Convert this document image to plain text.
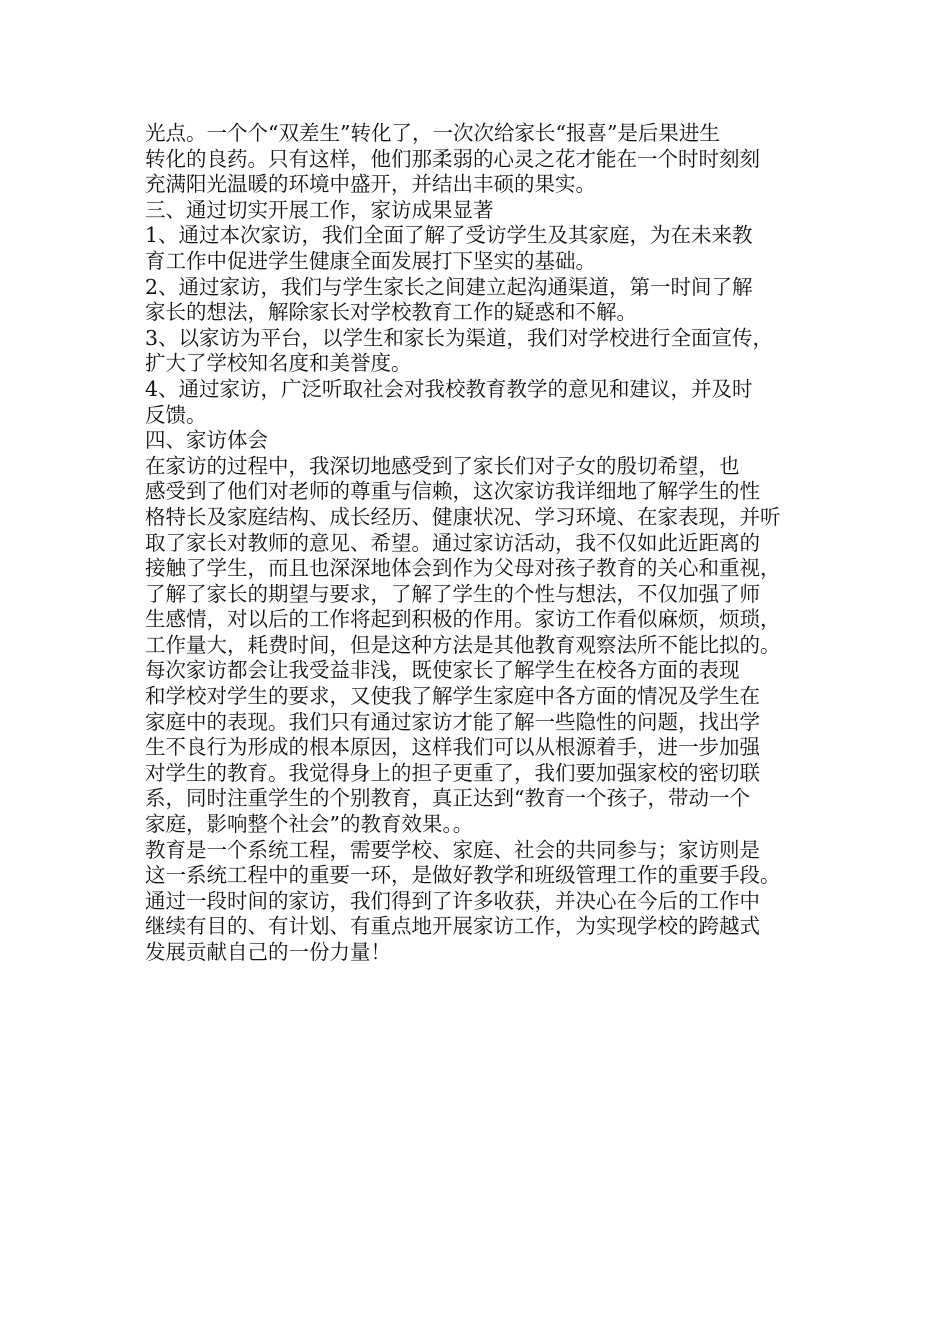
光点。一个个“双差生”转化了，一次次给家长“报喜”是后果进生
转化的良药。只有这样，他们那柔弱的心灵之花才能在一个时时刻刻
充满阳光温暖的环境中盛开，并结出丰硕的果实。
三、通过切实开展工作，家访成果显著
1、通过本次家访，我们全面了解了受访学生及其家庭，为在未来教
育工作中促进学生健康全面发展打下坚实的基础。
2、通过家访，我们与学生家长之间建立起沟通渠道，第一时间了解
家长的想法，解除家长对学校教育工作的疑惑和不解。
3、以家访为平台，以学生和家长为渠道，我们对学校进行全面宣传，
扩大了学校知名度和美誉度。
4、通过家访，广泛听取社会对我校教育教学的意见和建议，并及时
反馈。
四、家访体会
在家访的过程中，我深切地感受到了家长们对子女的殷切希望，也
感受到了他们对老师的尊重与信赖，这次家访我详细地了解学生的性
格特长及家庭结构、成长经历、健康状况、学习环境、在家表现，并听
取了家长对教师的意见、希望。通过家访活动，我不仅如此近距离的
接触了学生，而且也深深地体会到作为父母对孩子教育的关心和重视，
了解了家长的期望与要求，了解了学生的个性与想法，不仅加强了师
生感情，对以后的工作将起到积极的作用。家访工作看似麻烦，烦琐，
工作量大，耗费时间，但是这种方法是其他教育观察法所不能比拟的。
每次家访都会让我受益非浅，既使家长了解学生在校各方面的表现
和学校对学生的要求，又使我了解学生家庭中各方面的情况及学生在
家庭中的表现。我们只有通过家访才能了解一些隐性的问题，找出学
生不良行为形成的根本原因，这样我们可以从根源着手，进一步加强
对学生的教育。我觉得身上的担子更重了，我们要加强家校的密切联
系，同时注重学生的个别教育，真正达到“教育一个孩子，带动一个
家庭，影响整个社会”的教育效果。。
教育是一个系统工程，需要学校、家庭、社会的共同参与；家访则是
这一系统工程中的重要一环，是做好教学和班级管理工作的重要手段。
通过一段时间的家访，我们得到了许多收获，并决心在今后的工作中
继续有目的、有计划、有重点地开展家访工作，为实现学校的跨越式
发展贡献自己的一份力量！
